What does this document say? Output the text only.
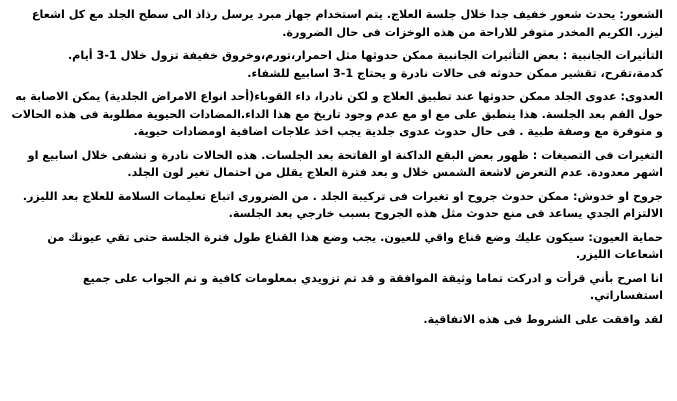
الشعور: يحدث شعور خفيف جدا خلال جلسة العلاج. يتم استخدام جهاز مبرد يرسل رذاذ الى سطح الجلد مع كل اشعاع ليزر. الكريم المخدر متوفر للاراحة من هذه الوخزات فى حال الضرورة.

التأثيرات الجانبية : بعض التأثيرات الجانبية ممكن حدوثها مثل احمرار،تورم،وخروق خفيفة تزول خلال 1-3 أيام. كدمة،تقرح، تقشير ممكن حدوثه فى حالات نادرة و يحتاج 1-3 اسابيع للشفاء.

العدوى: عدوى الجلد ممكن حدوثها عند تطبيق العلاج و لكن نادرا، داء القوباء(أحد انواع الامراض الجلدية) يمكن الاصابة به حول الفم بعد الجلسة. هذا ينطبق على مع او مع عدم وجود تاريخ مع هذا الداء.المضادات الحيوية مطلوبة فى هذه الحالات و متوفرة مع وصفة طبية . فى حال حدوث عدوى جلدية يجب اخذ علاجات اضافية اومضادات حيوية.

التغيرات فى التصبغات : ظهور بعض البقع الداكنة او الفاتحة بعد الجلسات. هذه الحالات نادرة و تشفى خلال اسابيع او اشهر معدودة. عدم التعرض لاشعة الشمس خلال و بعد فترة العلاج يقلل من احتمال تغير لون الجلد.

جروح او خدوش: ممكن حدوث جروح او تغيرات فى تركيبة الجلد . من الضرورى اتباع تعليمات السلامة للعلاج بعد الليزر. الالتزام الجدي يساعد فى منع حدوث مثل هذه الجروح بسبب خارجي بعد الجلسة.

حماية العيون: سيكون عليك وضع قناع واقي للعيون. يجب وضع هذا القناع طول فترة الجلسة حتى تقي عيونك من اشعاعات الليزر.

انا اصرح بأني قرأت و ادركت تماما وثيقة الموافقة و قد تم تزويدي بمعلومات كافية و تم الجواب على جميع استفساراتي.

لقد وافقت على الشروط فى هذه الاتفاقية.
